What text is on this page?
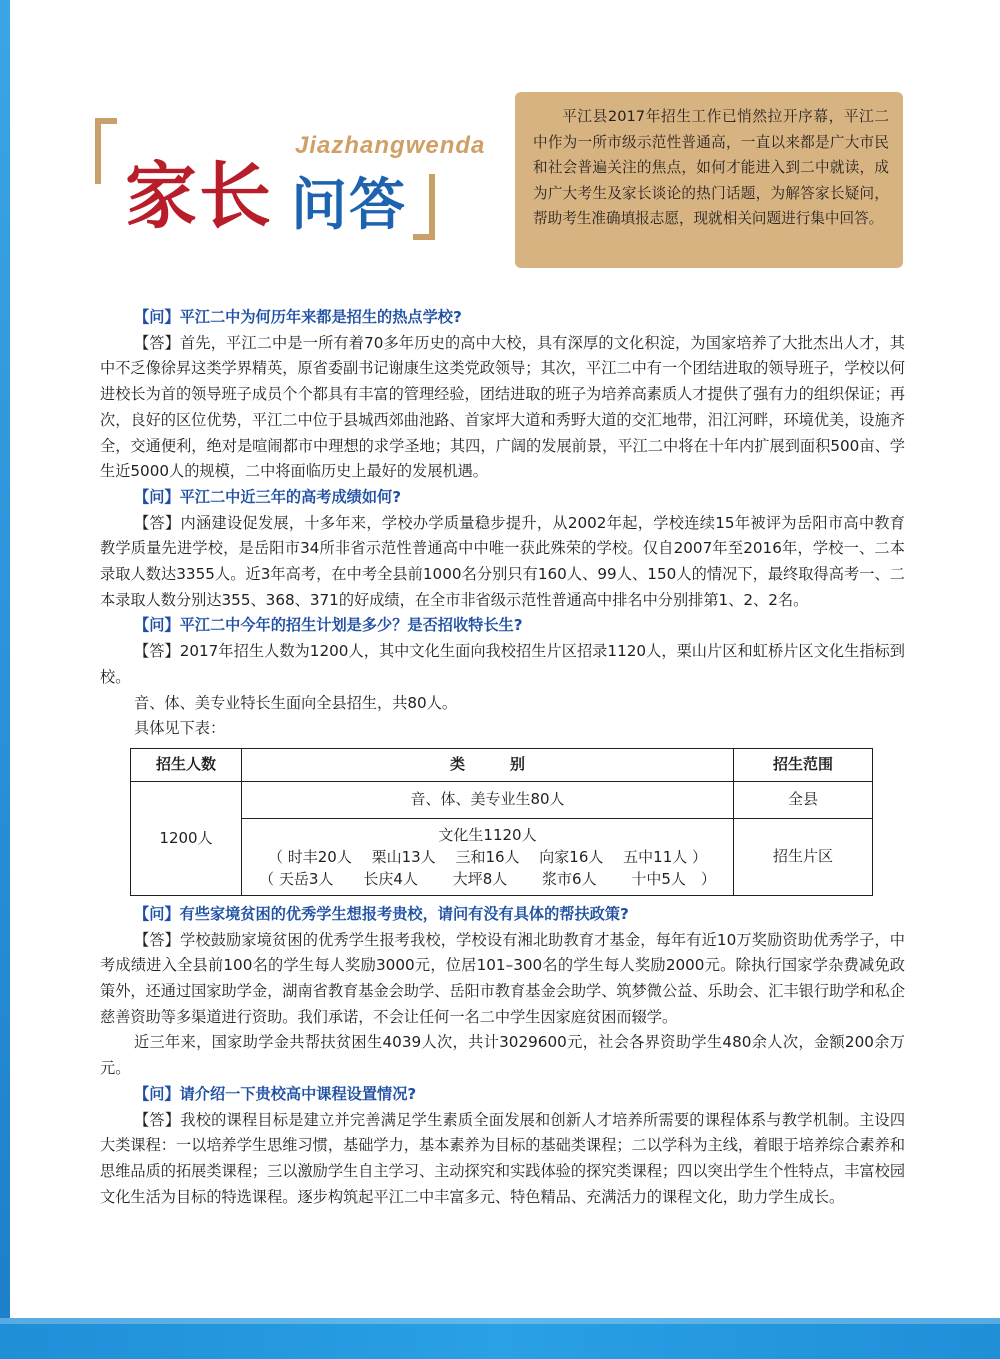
Jiazhangwenda
家长 问答
平江县2017年招生工作已悄然拉开序幕，平江二中作为一所市级示范性普通高，一直以来都是广大市民和社会普遍关注的焦点，如何才能进入到二中就读，成为广大考生及家长谈论的热门话题，为解答家长疑问，帮助考生准确填报志愿，现就相关问题进行集中回答。

【问】平江二中为何历年来都是招生的热点学校?

【答】首先，平江二中是一所有着70多年历史的高中大校，具有深厚的文化积淀，为国家培养了大批杰出人才，其中不乏像徐昇这类学界精英，原省委副书记谢康生这类党政领导；其次，平江二中有一个团结进取的领导班子，学校以何进校长为首的领导班子成员个个都具有丰富的管理经验，团结进取的班子为培养高素质人才提供了强有力的组织保证；再次，良好的区位优势，平江二中位于县城西郊曲池路、首家坪大道和秀野大道的交汇地带，汨江河畔，环境优美，设施齐全，交通便利，绝对是喧闹都市中理想的求学圣地；其四，广阔的发展前景，平江二中将在十年内扩展到面积500亩、学生近5000人的规模，二中将面临历史上最好的发展机遇。

【问】平江二中近三年的高考成绩如何?

【答】内涵建设促发展，十多年来，学校办学质量稳步提升，从2002年起，学校连续15年被评为岳阳市高中教育教学质量先进学校，是岳阳市34所非省示范性普通高中中唯一获此殊荣的学校。仅自2007年至2016年，学校一、二本录取人数达3355人。近3年高考，在中考全县前1000名分别只有160人、99人、150人的情况下，最终取得高考一、二本录取人数分别达355、368、371的好成绩，在全市非省级示范性普通高中排名中分别排第1、2、2名。

【问】平江二中今年的招生计划是多少？是否招收特长生?

【答】2017年招生人数为1200人，其中文化生面向我校招生片区招录1120人，栗山片区和虹桥片区文化生指标到校。

音、体、美专业特长生面向全县招生，共80人。

具体见下表：

招生人数	类　　　别	招生范围
1200人	音、体、美专业生80人	全县

	文化生1120人
（ 时丰20人　 栗山13人　 三和16人　 向家16人　 五中11人 ）
（ 天岳3人　　长庆4人　　 大坪8人　　 浆市6人　　 十中5人　）	招生片区

【问】有些家境贫困的优秀学生想报考贵校，请问有没有具体的帮扶政策?

【答】学校鼓励家境贫困的优秀学生报考我校，学校设有湘北助教育才基金，每年有近10万奖励资助优秀学子，中考成绩进入全县前100名的学生每人奖励3000元，位居101–300名的学生每人奖励2000元。除执行国家学杂费减免政策外，还通过国家助学金，湖南省教育基金会助学、岳阳市教育基金会助学、筑梦微公益、乐助会、汇丰银行助学和私企慈善资助等多渠道进行资助。我们承诺，不会让任何一名二中学生因家庭贫困而辍学。

近三年来，国家助学金共帮扶贫困生4039人次，共计3029600元，社会各界资助学生480余人次，金额200余万元。

【问】请介绍一下贵校高中课程设置情况?

【答】我校的课程目标是建立并完善满足学生素质全面发展和创新人才培养所需要的课程体系与教学机制。主设四大类课程：一以培养学生思维习惯，基础学力，基本素养为目标的基础类课程；二以学科为主线，着眼于培养综合素养和思维品质的拓展类课程；三以激励学生自主学习、主动探究和实践体验的探究类课程；四以突出学生个性特点，丰富校园文化生活为目标的特选课程。逐步构筑起平江二中丰富多元、特色精品、充满活力的课程文化，助力学生成长。
